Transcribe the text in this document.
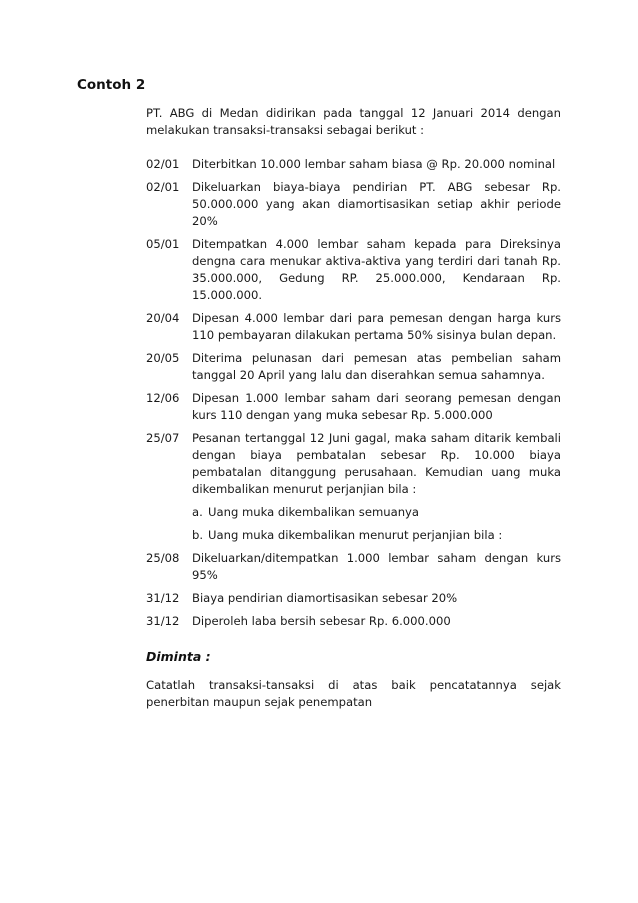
Contoh 2

PT. ABG di Medan didirikan pada tanggal 12 Januari 2014 dengan melakukan transaksi-transaksi sebagai berikut :

02/01	Diterbitkan 10.000 lembar saham biasa @ Rp. 20.000 nominal
02/01	Dikeluarkan biaya-biaya pendirian PT. ABG sebesar Rp. 50.000.000 yang akan diamortisasikan setiap akhir periode 20%
05/01	Ditempatkan 4.000 lembar saham kepada para Direksinya dengna cara menukar aktiva-aktiva yang terdiri dari tanah Rp. 35.000.000, Gedung RP. 25.000.000, Kendaraan Rp. 15.000.000.
20/04	Dipesan 4.000 lembar dari para pemesan dengan harga kurs 110 pembayaran dilakukan pertama 50% sisinya bulan depan.
20/05	Diterima pelunasan dari pemesan atas pembelian saham tanggal 20 April yang lalu dan diserahkan semua sahamnya.
12/06	Dipesan 1.000 lembar saham dari seorang pemesan dengan kurs 110 dengan yang muka sebesar Rp. 5.000.000
25/07	Pesanan tertanggal 12 Juni gagal, maka saham ditarik kembali dengan biaya pembatalan sebesar Rp. 10.000 biaya pembatalan ditanggung perusahaan. Kemudian uang muka dikembalikan menurut perjanjian bila :
a. Uang muka dikembalikan semuanya
b. Uang muka dikembalikan menurut perjanjian bila :
25/08	Dikeluarkan/ditempatkan 1.000 lembar saham dengan kurs 95%
31/12	Biaya pendirian diamortisasikan sebesar 20%
31/12	Diperoleh laba bersih sebesar Rp. 6.000.000
Diminta :

Catatlah transaksi-tansaksi di atas baik pencatatannya sejak penerbitan maupun sejak penempatan
